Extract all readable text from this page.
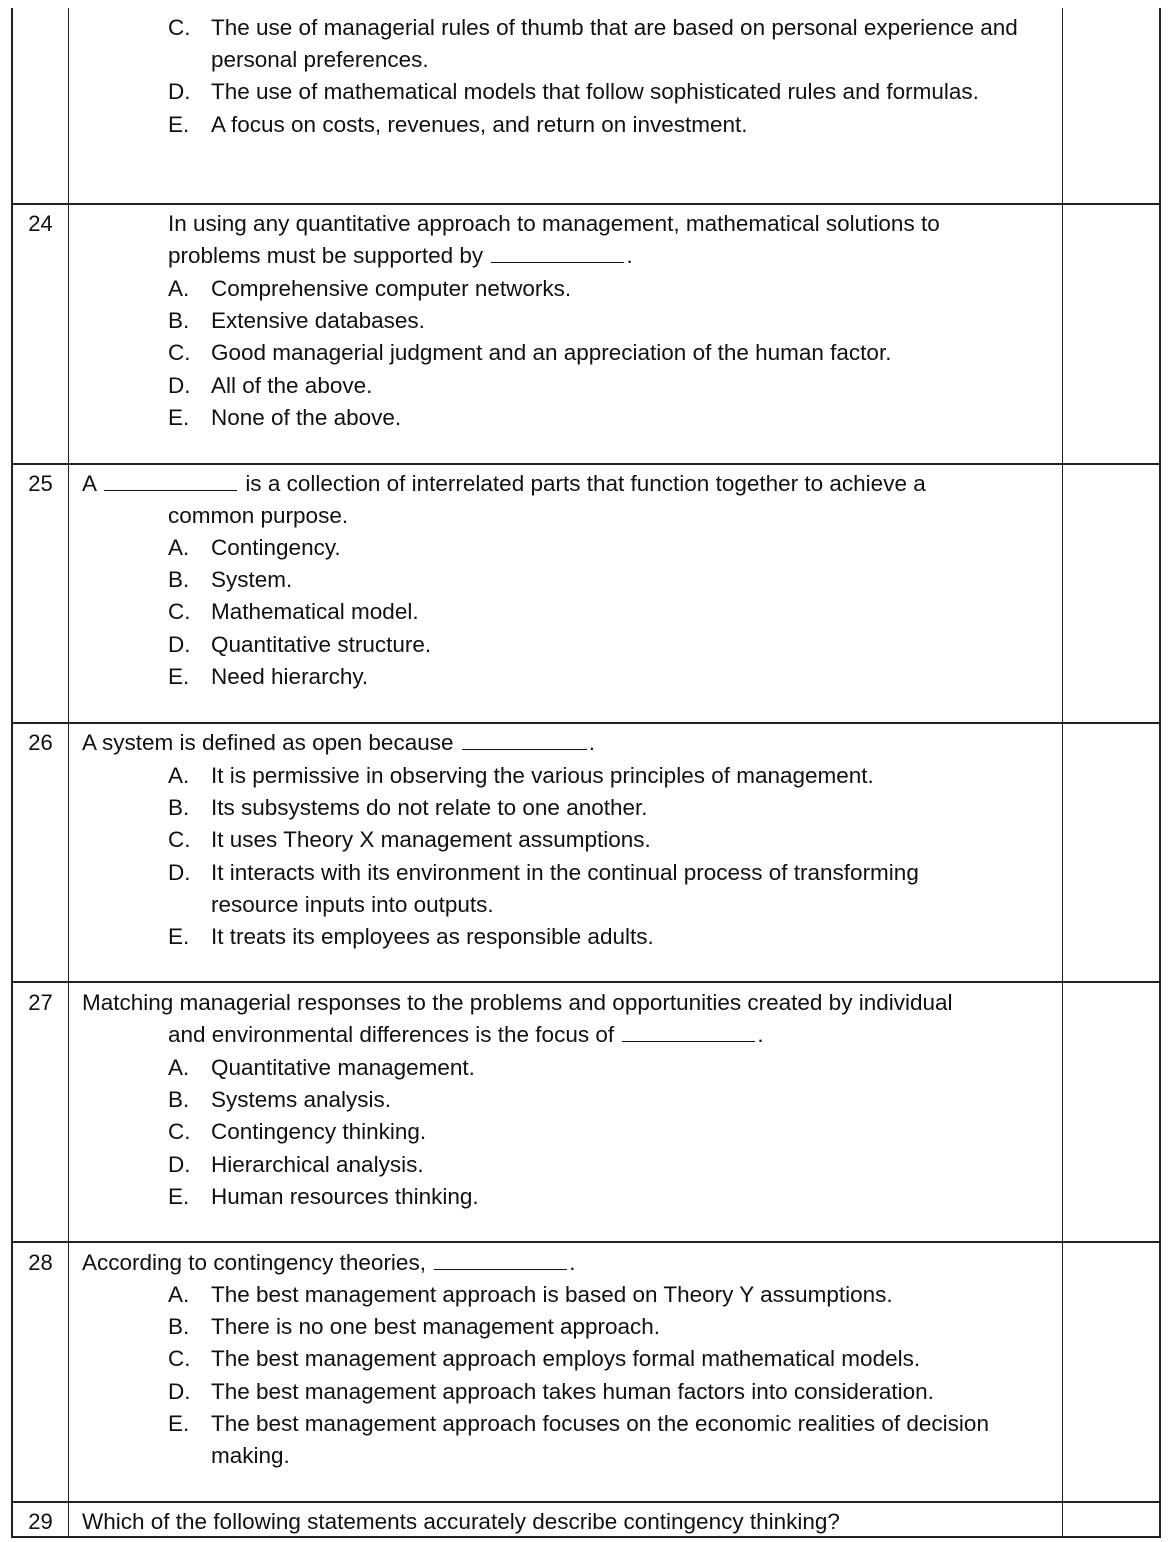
C. The use of managerial rules of thumb that are based on personal experience and personal preferences.
D. The use of mathematical models that follow sophisticated rules and formulas.
E. A focus on costs, revenues, and return on investment.
24	In using any quantitative approach to management, mathematical solutions to
problems must be supported by	.
A. Comprehensive computer networks.
B. Extensive databases.
C. Good managerial judgment and an appreciation of the human factor.
D. All of the above.
E. None of the above.
25	A	is a collection of interrelated parts that function together to achieve a
common purpose.
A. Contingency.
B. System.
C. Mathematical model.
D. Quantitative structure.
E. Need hierarchy.
26	A system is defined as open because	.
A. It is permissive in observing the various principles of management.
B. Its subsystems do not relate to one another.
C. It uses Theory X management assumptions.
D. It interacts with its environment in the continual process of transforming resource inputs into outputs.
E. It treats its employees as responsible adults.
27	Matching managerial responses to the problems and opportunities created by individual
and environmental differences is the focus of	.
A. Quantitative management.
B. Systems analysis.
C. Contingency thinking.
D. Hierarchical analysis.
E. Human resources thinking.
28	According to contingency theories,	.
A. The best management approach is based on Theory Y assumptions.
B. There is no one best management approach.
C. The best management approach employs formal mathematical models.
D. The best management approach takes human factors into consideration.
E. The best management approach focuses on the economic realities of decision making.
29	Which of the following statements accurately describe contingency thinking?
